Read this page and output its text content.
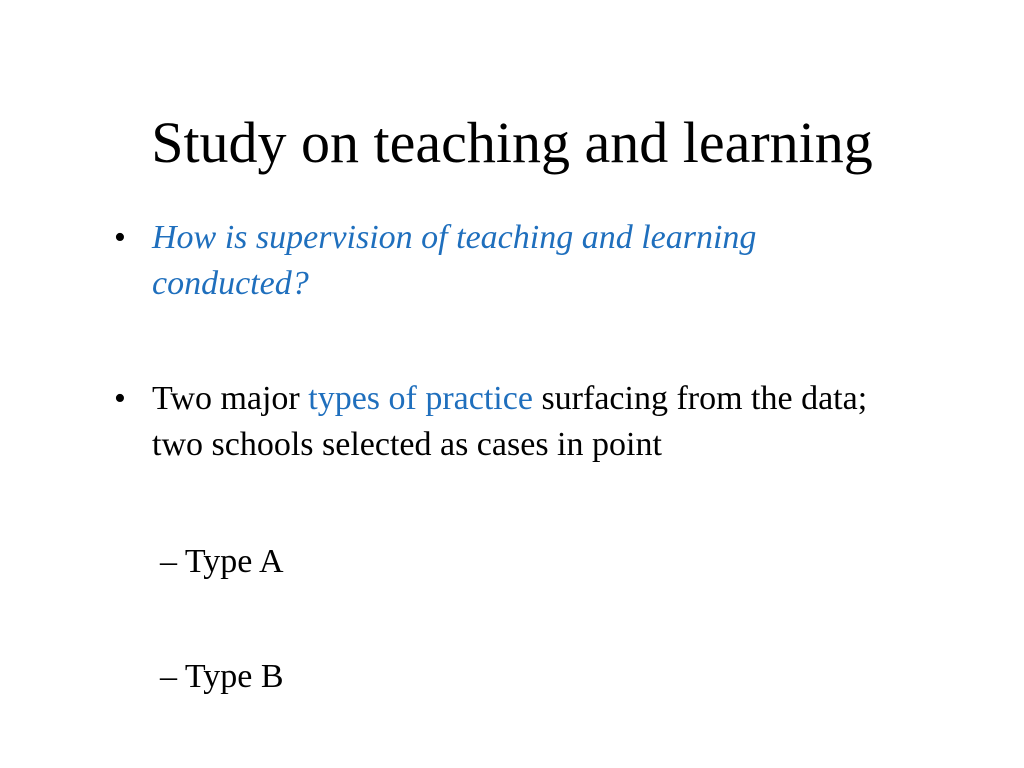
Study on teaching and learning
• How is supervision of teaching and learning conducted?
• Two major types of practice surfacing from the data; two schools selected as cases in point
– Type A
– Type B
